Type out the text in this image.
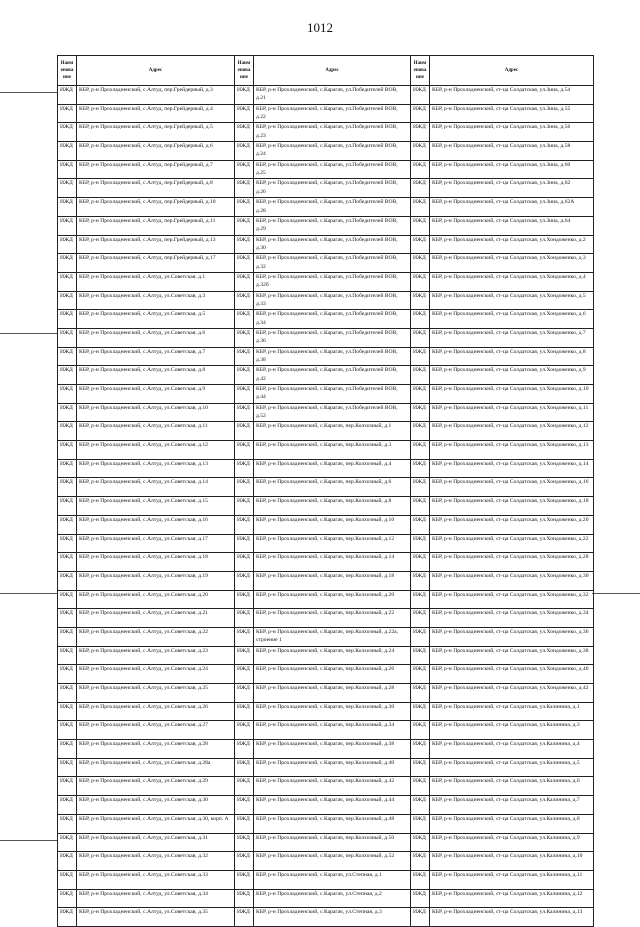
1012
Наим енова ние	Адрес	Наим енова ние	Адрес	Наим енова ние	Адрес
ИЖД	КБР, р-н Прохладненский, с.Алтуд, пер.Грейдерный, д.3	ИЖД	КБР, р-н Прохладненский, с.Карагач, ул.Победителей ВОВ, д.21	ИЖД	КБР, р-н Прохладненский, ст-ца Солдатская, ул.Зина, д.54
ИЖД	КБР, р-н Прохладненский, с.Алтуд, пер.Грейдерный, д.4	ИЖД	КБР, р-н Прохладненский, с.Карагач, ул.Победителей ВОВ, д.22	ИЖД	КБР, р-н Прохладненский, ст-ца Солдатская, ул.Зина, д.55
ИЖД	КБР, р-н Прохладненский, с.Алтуд, пер.Грейдерный, д.5	ИЖД	КБР, р-н Прохладненский, с.Карагач, ул.Победителей ВОВ, д.23	ИЖД	КБР, р-н Прохладненский, ст-ца Солдатская, ул.Зина, д.56
ИЖД	КБР, р-н Прохладненский, с.Алтуд, пер.Грейдерный, д.6	ИЖД	КБР, р-н Прохладненский, с.Карагач, ул.Победителей ВОВ, д.24	ИЖД	КБР, р-н Прохладненский, ст-ца Солдатская, ул.Зина, д.58
ИЖД	КБР, р-н Прохладненский, с.Алтуд, пер.Грейдерный, д.7	ИЖД	КБР, р-н Прохладненский, с.Карагач, ул.Победителей ВОВ, д.25	ИЖД	КБР, р-н Прохладненский, ст-ца Солдатская, ул.Зина, д.60
ИЖД	КБР, р-н Прохладненский, с.Алтуд, пер.Грейдерный, д.8	ИЖД	КБР, р-н Прохладненский, с.Карагач, ул.Победителей ВОВ, д.26	ИЖД	КБР, р-н Прохладненский, ст-ца Солдатская, ул.Зина, д.62
ИЖД	КБР, р-н Прохладненский, с.Алтуд, пер.Грейдерный, д.10	ИЖД	КБР, р-н Прохладненский, с.Карагач, ул.Победителей ВОВ, д.28	ИЖД	КБР, р-н Прохладненский, ст-ца Солдатская, ул.Зина, д.62А
ИЖД	КБР, р-н Прохладненский, с.Алтуд, пер.Грейдерный, д.11	ИЖД	КБР, р-н Прохладненский, с.Карагач, ул.Победителей ВОВ, д.29	ИЖД	КБР, р-н Прохладненский, ст-ца Солдатская, ул.Зина, д.64
ИЖД	КБР, р-н Прохладненский, с.Алтуд, пер.Грейдерный, д.13	ИЖД	КБР, р-н Прохладненский, с.Карагач, ул.Победителей ВОВ, д.30	ИЖД	КБР, р-н Прохладненский, ст-ца Солдатская, ул.Хондоженко, д.2
ИЖД	КБР, р-н Прохладненский, с.Алтуд, пер.Грейдерный, д.17	ИЖД	КБР, р-н Прохладненский, с.Карагач, ул.Победителей ВОВ, д.32	ИЖД	КБР, р-н Прохладненский, ст-ца Солдатская, ул.Хондоженко, д.3
ИЖД	КБР, р-н Прохладненский, с.Алтуд, ул.Советская, д.1	ИЖД	КБР, р-н Прохладненский, с.Карагач, ул.Победителей ВОВ, д.32б	ИЖД	КБР, р-н Прохладненский, ст-ца Солдатская, ул.Хондоженко, д.4
ИЖД	КБР, р-н Прохладненский, с.Алтуд, ул.Советская, д.3	ИЖД	КБР, р-н Прохладненский, с.Карагач, ул.Победителей ВОВ, д.33	ИЖД	КБР, р-н Прохладненский, ст-ца Солдатская, ул.Хондоженко, д.5
ИЖД	КБР, р-н Прохладненский, с.Алтуд, ул.Советская, д.5	ИЖД	КБР, р-н Прохладненский, с.Карагач, ул.Победителей ВОВ, д.34	ИЖД	КБР, р-н Прохладненский, ст-ца Солдатская, ул.Хондоженко, д.6
ИЖД	КБР, р-н Прохладненский, с.Алтуд, ул.Советская, д.6	ИЖД	КБР, р-н Прохладненский, с.Карагач, ул.Победителей ВОВ, д.36	ИЖД	КБР, р-н Прохладненский, ст-ца Солдатская, ул.Хондоженко, д.7
ИЖД	КБР, р-н Прохладненский, с.Алтуд, ул.Советская, д.7	ИЖД	КБР, р-н Прохладненский, с.Карагач, ул.Победителей ВОВ, д.38	ИЖД	КБР, р-н Прохладненский, ст-ца Солдатская, ул.Хондоженко, д.8
ИЖД	КБР, р-н Прохладненский, с.Алтуд, ул.Советская, д.8	ИЖД	КБР, р-н Прохладненский, с.Карагач, ул.Победителей ВОВ, д.42	ИЖД	КБР, р-н Прохладненский, ст-ца Солдатская, ул.Хондоженко, д.9
ИЖД	КБР, р-н Прохладненский, с.Алтуд, ул.Советская, д.9	ИЖД	КБР, р-н Прохладненский, с.Карагач, ул.Победителей ВОВ, д.44	ИЖД	КБР, р-н Прохладненский, ст-ца Солдатская, ул.Хондоженко, д.10
ИЖД	КБР, р-н Прохладненский, с.Алтуд, ул.Советская, д.10	ИЖД	КБР, р-н Прохладненский, с.Карагач, ул.Победителей ВОВ, д.52	ИЖД	КБР, р-н Прохладненский, ст-ца Солдатская, ул.Хондоженко, д.11
ИЖД	КБР, р-н Прохладненский, с.Алтуд, ул.Советская, д.11	ИЖД	КБР, р-н Прохладненский, с.Карагач, пер.Колхозный, д.1	ИЖД	КБР, р-н Прохладненский, ст-ца Солдатская, ул.Хондоженко, д.12
ИЖД	КБР, р-н Прохладненский, с.Алтуд, ул.Советская, д.12	ИЖД	КБР, р-н Прохладненский, с.Карагач, пер.Колхозный, д.3	ИЖД	КБР, р-н Прохладненский, ст-ца Солдатская, ул.Хондоженко, д.13
ИЖД	КБР, р-н Прохладненский, с.Алтуд, ул.Советская, д.13	ИЖД	КБР, р-н Прохладненский, с.Карагач, пер.Колхозный, д.4	ИЖД	КБР, р-н Прохладненский, ст-ца Солдатская, ул.Хондоженко, д.14
ИЖД	КБР, р-н Прохладненский, с.Алтуд, ул.Советская, д.14	ИЖД	КБР, р-н Прохладненский, с.Карагач, пер.Колхозный, д.6	ИЖД	КБР, р-н Прохладненский, ст-ца Солдатская, ул.Хондоженко, д.16
ИЖД	КБР, р-н Прохладненский, с.Алтуд, ул.Советская, д.15	ИЖД	КБР, р-н Прохладненский, с.Карагач, пер.Колхозный, д.8	ИЖД	КБР, р-н Прохладненский, ст-ца Солдатская, ул.Хондоженко, д.18
ИЖД	КБР, р-н Прохладненский, с.Алтуд, ул.Советская, д.16	ИЖД	КБР, р-н Прохладненский, с.Карагач, пер.Колхозный, д.10	ИЖД	КБР, р-н Прохладненский, ст-ца Солдатская, ул.Хондоженко, д.20
ИЖД	КБР, р-н Прохладненский, с.Алтуд, ул.Советская, д.17	ИЖД	КБР, р-н Прохладненский, с.Карагач, пер.Колхозный, д.12	ИЖД	КБР, р-н Прохладненский, ст-ца Солдатская, ул.Хондоженко, д.22
ИЖД	КБР, р-н Прохладненский, с.Алтуд, ул.Советская, д.18	ИЖД	КБР, р-н Прохладненский, с.Карагач, пер.Колхозный, д.14	ИЖД	КБР, р-н Прохладненский, ст-ца Солдатская, ул.Хондоженко, д.28
ИЖД	КБР, р-н Прохладненский, с.Алтуд, ул.Советская, д.19	ИЖД	КБР, р-н Прохладненский, с.Карагач, пер.Колхозный, д.18	ИЖД	КБР, р-н Прохладненский, ст-ца Солдатская, ул.Хондоженко, д.30
ИЖД	КБР, р-н Прохладненский, с.Алтуд, ул.Советская, д.20	ИЖД	КБР, р-н Прохладненский, с.Карагач, пер.Колхозный, д.20	ИЖД	КБР, р-н Прохладненский, ст-ца Солдатская, ул.Хондоженко, д.32
ИЖД	КБР, р-н Прохладненский, с.Алтуд, ул.Советская, д.21	ИЖД	КБР, р-н Прохладненский, с.Карагач, пер.Колхозный, д.22	ИЖД	КБР, р-н Прохладненский, ст-ца Солдатская, ул.Хондоженко, д.34
ИЖД	КБР, р-н Прохладненский, с.Алтуд, ул.Советская, д.22	ИЖД	КБР, р-н Прохладненский, с.Карагач, пер.Колхозный, д.22а, строение 1	ИЖД	КБР, р-н Прохладненский, ст-ца Солдатская, ул.Хондоженко, д.36
ИЖД	КБР, р-н Прохладненский, с.Алтуд, ул.Советская, д.23	ИЖД	КБР, р-н Прохладненский, с.Карагач, пер.Колхозный, д.24	ИЖД	КБР, р-н Прохладненский, ст-ца Солдатская, ул.Хондоженко, д.38
ИЖД	КБР, р-н Прохладненский, с.Алтуд, ул.Советская, д.24	ИЖД	КБР, р-н Прохладненский, с.Карагач, пер.Колхозный, д.26	ИЖД	КБР, р-н Прохладненский, ст-ца Солдатская, ул.Хондоженко, д.40
ИЖД	КБР, р-н Прохладненский, с.Алтуд, ул.Советская, д.25	ИЖД	КБР, р-н Прохладненский, с.Карагач, пер.Колхозный, д.28	ИЖД	КБР, р-н Прохладненский, ст-ца Солдатская, ул.Хондоженко, д.42
ИЖД	КБР, р-н Прохладненский, с.Алтуд, ул.Советская, д.26	ИЖД	КБР, р-н Прохладненский, с.Карагач, пер.Колхозный, д.30	ИЖД	КБР, р-н Прохладненский, ст-ца Солдатская, ул.Калинина, д.1
ИЖД	КБР, р-н Прохладненский, с.Алтуд, ул.Советская, д.27	ИЖД	КБР, р-н Прохладненский, с.Карагач, пер.Колхозный, д.34	ИЖД	КБР, р-н Прохладненский, ст-ца Солдатская, ул.Калинина, д.3
ИЖД	КБР, р-н Прохладненский, с.Алтуд, ул.Советская, д.28	ИЖД	КБР, р-н Прохладненский, с.Карагач, пер.Колхозный, д.38	ИЖД	КБР, р-н Прохладненский, ст-ца Солдатская, ул.Калинина, д.4
ИЖД	КБР, р-н Прохладненский, с.Алтуд, ул.Советская, д.28а	ИЖД	КБР, р-н Прохладненский, с.Карагач, пер.Колхозный, д.40	ИЖД	КБР, р-н Прохладненский, ст-ца Солдатская, ул.Калинина, д.5
ИЖД	КБР, р-н Прохладненский, с.Алтуд, ул.Советская, д.29	ИЖД	КБР, р-н Прохладненский, с.Карагач, пер.Колхозный, д.42	ИЖД	КБР, р-н Прохладненский, ст-ца Солдатская, ул.Калинина, д.6
ИЖД	КБР, р-н Прохладненский, с.Алтуд, ул.Советская, д.30	ИЖД	КБР, р-н Прохладненский, с.Карагач, пер.Колхозный, д.44	ИЖД	КБР, р-н Прохладненский, ст-ца Солдатская, ул.Калинина, д.7
ИЖД	КБР, р-н Прохладненский, с.Алтуд, ул.Советская, д.30, корп. А	ИЖД	КБР, р-н Прохладненский, с.Карагач, пер.Колхозный, д.48	ИЖД	КБР, р-н Прохладненский, ст-ца Солдатская, ул.Калинина, д.8
ИЖД	КБР, р-н Прохладненский, с.Алтуд, ул.Советская, д.31	ИЖД	КБР, р-н Прохладненский, с.Карагач, пер.Колхозный, д.50	ИЖД	КБР, р-н Прохладненский, ст-ца Солдатская, ул.Калинина, д.9
ИЖД	КБР, р-н Прохладненский, с.Алтуд, ул.Советская, д.32	ИЖД	КБР, р-н Прохладненский, с.Карагач, пер.Колхозный, д.52	ИЖД	КБР, р-н Прохладненский, ст-ца Солдатская, ул.Калинина, д.10
ИЖД	КБР, р-н Прохладненский, с.Алтуд, ул.Советская, д.33	ИЖД	КБР, р-н Прохладненский, с.Карагач, ул.Степная, д.1	ИЖД	КБР, р-н Прохладненский, ст-ца Солдатская, ул.Калинина, д.11
ИЖД	КБР, р-н Прохладненский, с.Алтуд, ул.Советская, д.34	ИЖД	КБР, р-н Прохладненский, с.Карагач, ул.Степная, д.2	ИЖД	КБР, р-н Прохладненский, ст-ца Солдатская, ул.Калинина, д.12
ИЖД	КБР, р-н Прохладненский, с.Алтуд, ул.Советская, д.35	ИЖД	КБР, р-н Прохладненский, с.Карагач, ул.Степная, д.3	ИЖД	КБР, р-н Прохладненский, ст-ца Солдатская, ул.Калинина, д.13
